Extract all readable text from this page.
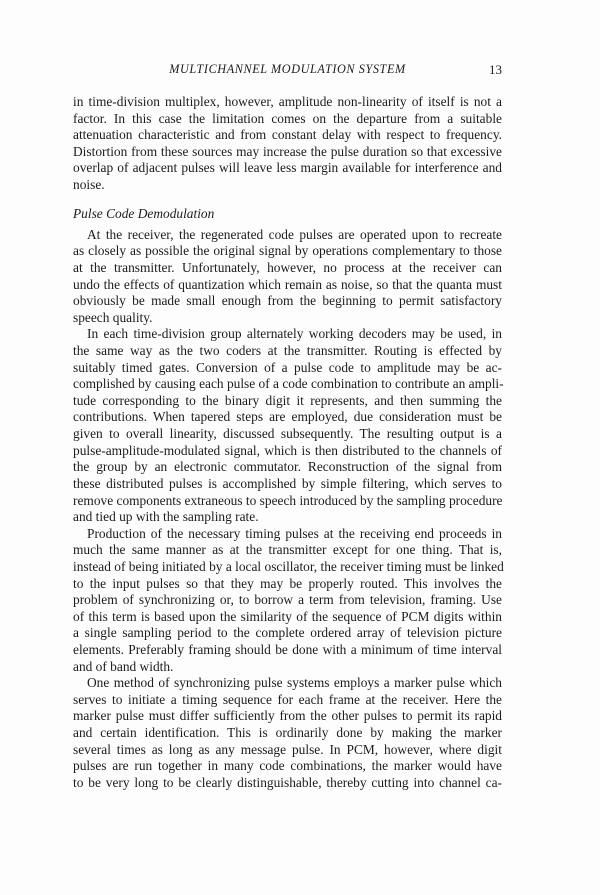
MULTICHANNEL MODULATION SYSTEM	13
in time-division multiplex, however, amplitude non-linearity of itself is not a
factor. In this case the limitation comes on the departure from a suitable
attenuation characteristic and from constant delay with respect to frequency.
Distortion from these sources may increase the pulse duration so that excessive
overlap of adjacent pulses will leave less margin available for interference and
noise.
Pulse Code Demodulation
At the receiver, the regenerated code pulses are operated upon to recreate
as closely as possible the original signal by operations complementary to those
at the transmitter. Unfortunately, however, no process at the receiver can
undo the effects of quantization which remain as noise, so that the quanta must
obviously be made small enough from the beginning to permit satisfactory
speech quality.
In each time-division group alternately working decoders may be used, in
the same way as the two coders at the transmitter. Routing is effected by
suitably timed gates. Conversion of a pulse code to amplitude may be ac-
complished by causing each pulse of a code combination to contribute an ampli-
tude corresponding to the binary digit it represents, and then summing the
contributions. When tapered steps are employed, due consideration must be
given to overall linearity, discussed subsequently. The resulting output is a
pulse-amplitude-modulated signal, which is then distributed to the channels of
the group by an electronic commutator. Reconstruction of the signal from
these distributed pulses is accomplished by simple filtering, which serves to
remove components extraneous to speech introduced by the sampling procedure
and tied up with the sampling rate.
Production of the necessary timing pulses at the receiving end proceeds in
much the same manner as at the transmitter except for one thing. That is,
instead of being initiated by a local oscillator, the receiver timing must be linked
to the input pulses so that they may be properly routed. This involves the
problem of synchronizing or, to borrow a term from television, framing. Use
of this term is based upon the similarity of the sequence of PCM digits within
a single sampling period to the complete ordered array of television picture
elements. Preferably framing should be done with a minimum of time interval
and of band width.
One method of synchronizing pulse systems employs a marker pulse which
serves to initiate a timing sequence for each frame at the receiver. Here the
marker pulse must differ sufficiently from the other pulses to permit its rapid
and certain identification. This is ordinarily done by making the marker
several times as long as any message pulse. In PCM, however, where digit
pulses are run together in many code combinations, the marker would have
to be very long to be clearly distinguishable, thereby cutting into channel ca-
